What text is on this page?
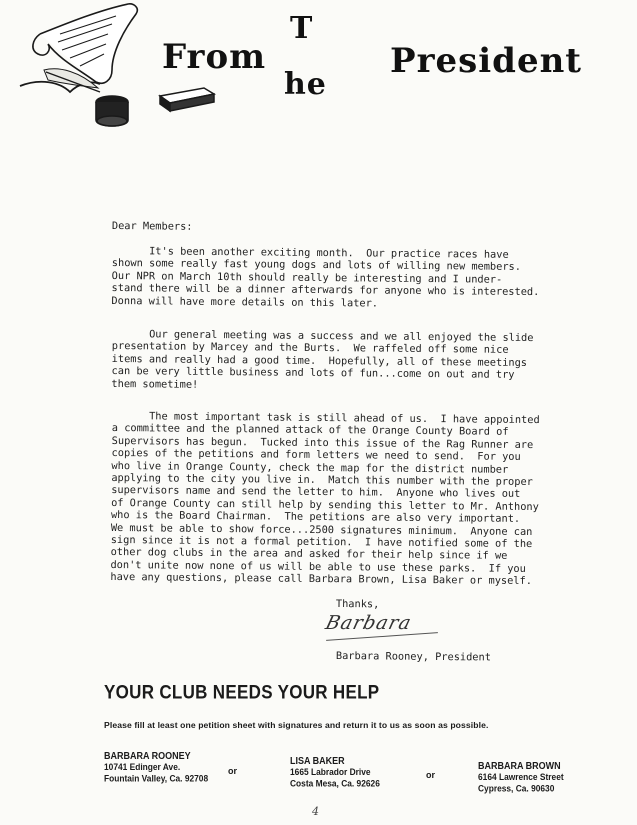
From
T
he
President
Dear Members:
It's been another exciting month.  Our practice races have
shown some really fast young dogs and lots of willing new members.
Our NPR on March 10th should really be interesting and I under-
stand there will be a dinner afterwards for anyone who is interested.
Donna will have more details on this later.
Our general meeting was a success and we all enjoyed the slide
presentation by Marcey and the Burts.  We raffeled off some nice
items and really had a good time.  Hopefully, all of these meetings
can be very little business and lots of fun...come on out and try
them sometime!
The most important task is still ahead of us.  I have appointed
a committee and the planned attack of the Orange County Board of
Supervisors has begun.  Tucked into this issue of the Rag Runner are
copies of the petitions and form letters we need to send.  For you
who live in Orange County, check the map for the district number
applying to the city you live in.  Match this number with the proper
supervisors name and send the letter to him.  Anyone who lives out
of Orange County can still help by sending this letter to Mr. Anthony
who is the Board Chairman.  The petitions are also very important.
We must be able to show force...2500 signatures minimum.  Anyone can
sign since it is not a formal petition.  I have notified some of the
other dog clubs in the area and asked for their help since if we
don't unite now none of us will be able to use these parks.  If you
have any questions, please call Barbara Brown, Lisa Baker or myself.
Thanks,
Barbara
Barbara Rooney, President
YOUR CLUB NEEDS YOUR HELP
Please fill at least one petition sheet with signatures and return it to us as soon as possible.
BARBARA ROONEY
10741 Edinger Ave.
Fountain Valley, Ca. 92708
or
LISA BAKER
1665 Labrador Drive
Costa Mesa, Ca. 92626
or
BARBARA BROWN
6164 Lawrence Street
Cypress, Ca. 90630
4
